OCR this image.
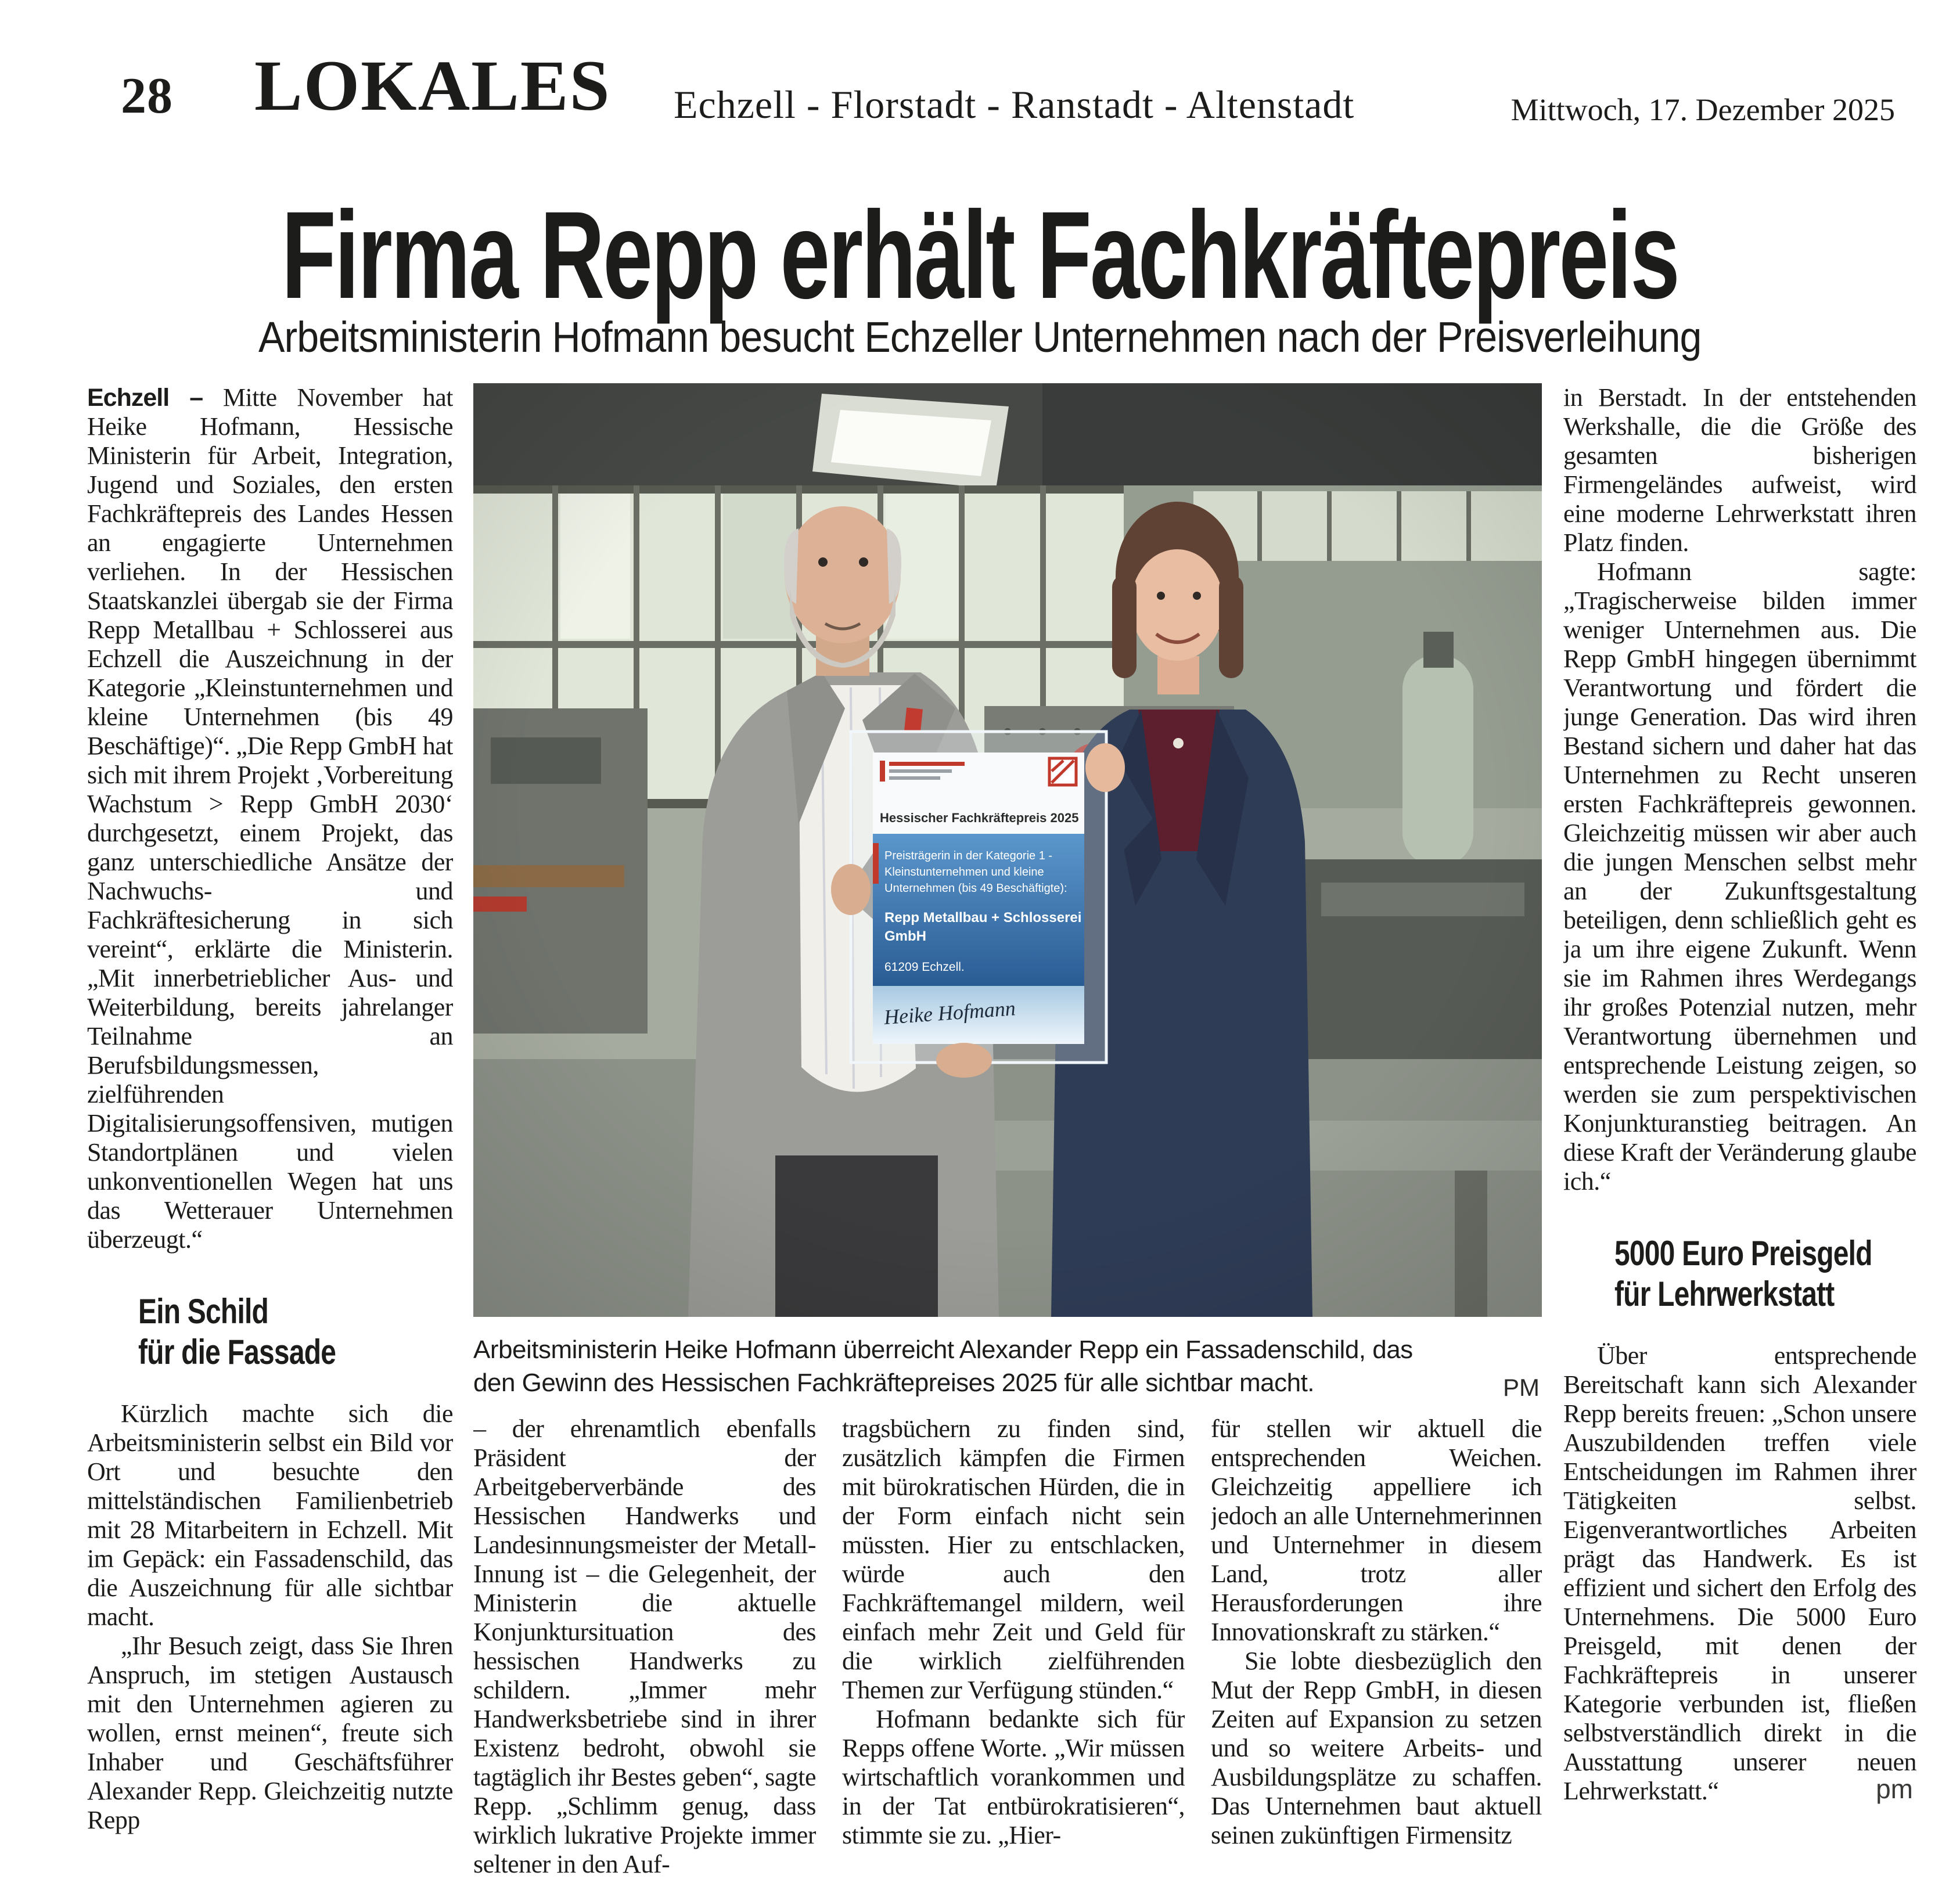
28 LOKALES Echzell - Florstadt - Ranstadt - Altenstadt	Mittwoch, 17. Dezember 2025
Firma Repp erhält Fachkräftepreis
Arbeitsministerin Hofmann besucht Echzeller Unternehmen nach der Preisverleihung

Echzell – Mitte November hat Heike Hofmann, Hessische Ministerin für Arbeit, Integration, Jugend und Soziales, den ersten Fachkräftepreis des Landes Hessen an engagierte Unternehmen verliehen. In der Hessischen Staatskanzlei übergab sie der Firma Repp Metallbau + Schlosserei aus Echzell die Auszeichnung in der Kategorie „Kleinstunternehmen und kleine Unternehmen (bis 49 Beschäftige)“. „Die Repp GmbH hat sich mit ihrem Projekt ‚Vorbereitung Wachstum > Repp GmbH 2030‘ durchgesetzt, einem Projekt, das ganz unterschiedliche Ansätze der Nachwuchs- und Fachkräftesicherung in sich vereint“, erklärte die Ministerin. „Mit innerbetrieblicher Aus- und Weiterbildung, bereits jahrelanger Teilnahme an Berufsbildungsmessen, zielführenden Digitalisierungsoffensiven, mutigen Standortplänen und vielen unkonventionellen Wegen hat uns das Wetterauer Unternehmen überzeugt.“

Ein Schild
für die Fassade

Kürzlich machte sich die Arbeitsministerin selbst ein Bild vor Ort und besuchte den mittelständischen Familienbetrieb mit 28 Mitarbeitern in Echzell. Mit im Gepäck: ein Fassadenschild, das die Auszeichnung für alle sichtbar macht.

„Ihr Besuch zeigt, dass Sie Ihren Anspruch, im stetigen Austausch mit den Unternehmen agieren zu wollen, ernst meinen“, freute sich Inhaber und Geschäftsführer Alexander Repp. Gleichzeitig nutzte Repp

Arbeitsministerin Heike Hofmann überreicht Alexander Repp ein Fassadenschild, das den Gewinn des Hessischen Fachkräftepreises 2025 für alle sichtbar macht.	PM

– der ehrenamtlich ebenfalls Präsident der Arbeitgeberverbände des Hessischen Handwerks und Landesinnungsmeister der Metall-Innung ist – die Gelegenheit, der Ministerin die aktuelle Konjunktursituation des hessischen Handwerks zu schildern. „Immer mehr Handwerksbetriebe sind in ihrer Existenz bedroht, obwohl sie tagtäglich ihr Bestes geben“, sagte Repp. „Schlimm genug, dass wirklich lukrative Projekte immer seltener in den Auf-

tragsbüchern zu finden sind, zusätzlich kämpfen die Firmen mit bürokratischen Hürden, die in der Form einfach nicht sein müssten. Hier zu entschlacken, würde auch den Fachkräftemangel mildern, weil einfach mehr Zeit und Geld für die wirklich zielführenden Themen zur Verfügung stünden.“

Hofmann bedankte sich für Repps offene Worte. „Wir müssen wirtschaftlich vorankommen und in der Tat entbürokratisieren“, stimmte sie zu. „Hier-

für stellen wir aktuell die entsprechenden Weichen. Gleichzeitig appelliere ich jedoch an alle Unternehmerinnen und Unternehmer in diesem Land, trotz aller Herausforderungen ihre Innovationskraft zu stärken.“

Sie lobte diesbezüglich den Mut der Repp GmbH, in diesen Zeiten auf Expansion zu setzen und so weitere Arbeits- und Ausbildungsplätze zu schaffen. Das Unternehmen baut aktuell seinen zukünftigen Firmensitz

in Berstadt. In der entstehenden Werkshalle, die die Größe des gesamten bisherigen Firmengeländes aufweist, wird eine moderne Lehrwerkstatt ihren Platz finden.

Hofmann sagte: „Tragischerweise bilden immer weniger Unternehmen aus. Die Repp GmbH hingegen übernimmt Verantwortung und fördert die junge Generation. Das wird ihren Bestand sichern und daher hat das Unternehmen zu Recht unseren ersten Fachkräftepreis gewonnen. Gleichzeitig müssen wir aber auch die jungen Menschen selbst mehr an der Zukunftsgestaltung beteiligen, denn schließlich geht es ja um ihre eigene Zukunft. Wenn sie im Rahmen ihres Werdegangs ihr großes Potenzial nutzen, mehr Verantwortung übernehmen und entsprechende Leistung zeigen, so werden sie zum perspektivischen Konjunkturanstieg beitragen. An diese Kraft der Veränderung glaube ich.“

5000 Euro Preisgeld
für Lehrwerkstatt

Über entsprechende Bereitschaft kann sich Alexander Repp bereits freuen: „Schon unsere Auszubildenden treffen viele Entscheidungen im Rahmen ihrer Tätigkeiten selbst. Eigenverantwortliches Arbeiten prägt das Handwerk. Es ist effizient und sichert den Erfolg des Unternehmens. Die 5000 Euro Preisgeld, mit denen der Fachkräftepreis in unserer Kategorie verbunden ist, fließen selbstverständlich direkt in die Ausstattung unserer neuen Lehrwerkstatt.“	pm
